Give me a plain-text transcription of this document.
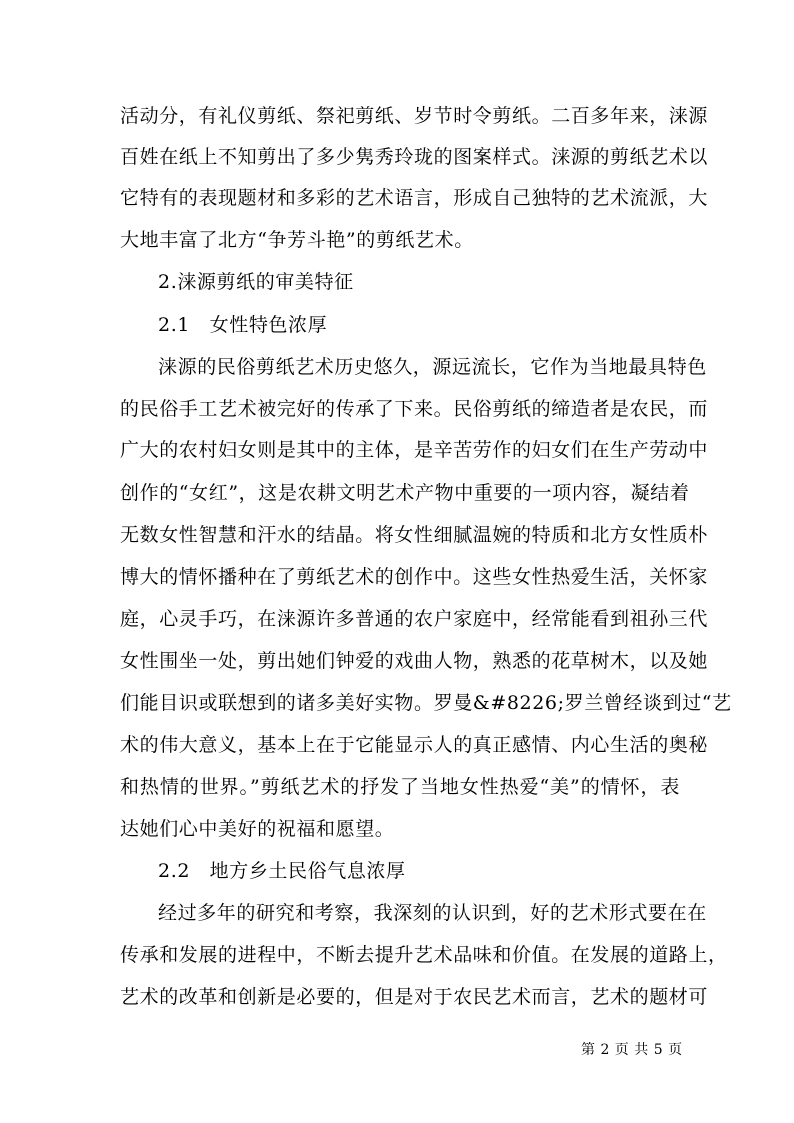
活动分，有礼仪剪纸、祭祀剪纸、岁节时令剪纸。二百多年来，涞源
百姓在纸上不知剪出了多少隽秀玲珑的图案样式。涞源的剪纸艺术以
它特有的表现题材和多彩的艺术语言，形成自己独特的艺术流派，大
大地丰富了北方“争芳斗艳”的剪纸艺术。
2.涞源剪纸的审美特征
2.1　女性特色浓厚
涞源的民俗剪纸艺术历史悠久，源远流长，它作为当地最具特色
的民俗手工艺术被完好的传承了下来。民俗剪纸的缔造者是农民，而
广大的农村妇女则是其中的主体，是辛苦劳作的妇女们在生产劳动中
创作的“女红”，这是农耕文明艺术产物中重要的一项内容，凝结着
无数女性智慧和汗水的结晶。将女性细腻温婉的特质和北方女性质朴
博大的情怀播种在了剪纸艺术的创作中。这些女性热爱生活，关怀家
庭，心灵手巧，在涞源许多普通的农户家庭中，经常能看到祖孙三代
女性围坐一处，剪出她们钟爱的戏曲人物，熟悉的花草树木，以及她
们能目识或联想到的诸多美好实物。罗曼&#8226;罗兰曾经谈到过“艺
术的伟大意义，基本上在于它能显示人的真正感情、内心生活的奥秘
和热情的世界。”剪纸艺术的抒发了当地女性热爱“美”的情怀，表
达她们心中美好的祝福和愿望。
2.2　地方乡土民俗气息浓厚
经过多年的研究和考察，我深刻的认识到，好的艺术形式要在在
传承和发展的进程中，不断去提升艺术品味和价值。在发展的道路上，
艺术的改革和创新是必要的，但是对于农民艺术而言，艺术的题材可
第 2 页 共 5 页
